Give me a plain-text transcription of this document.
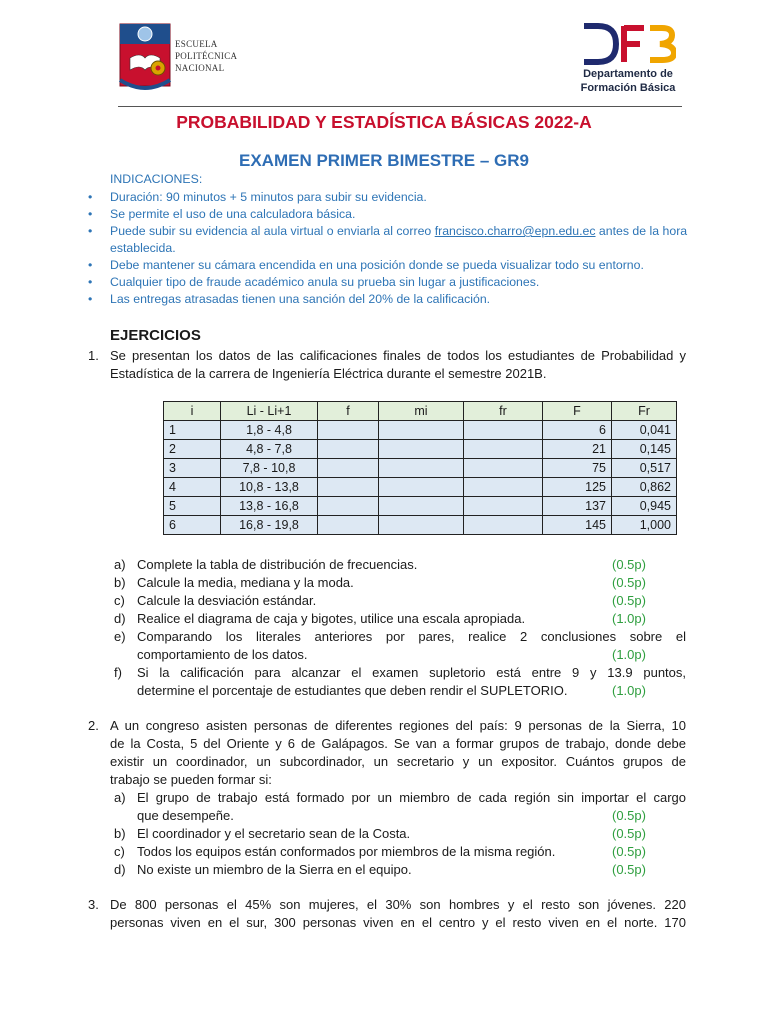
ESCUELA
POLITÉCNICA
NACIONAL	Departamento de
Formación Básica
PROBABILIDAD Y ESTADÍSTICA BÁSICAS 2022-A
EXAMEN PRIMER BIMESTRE – GR9
INDICACIONES:
• Duración: 90 minutos + 5 minutos para subir su evidencia.
• Se permite el uso de una calculadora básica.
• Puede subir su evidencia al aula virtual o enviarla al correo francisco.charro@epn.edu.ec antes de la hora establecida.
• Debe mantener su cámara encendida en una posición donde se pueda visualizar todo su entorno.
• Cualquier tipo de fraude académico anula su prueba sin lugar a justificaciones.
• Las entregas atrasadas tienen una sanción del 20% de la calificación.
EJERCICIOS
1. Se presentan los datos de las calificaciones finales de todos los estudiantes de Probabilidad y Estadística de la carrera de Ingeniería Eléctrica durante el semestre 2021B.
i	Li - Li+1	f	mi	fr	F	Fr
1	1,8 - 4,8				6	0,041
2	4,8 - 7,8				21	0,145
3	7,8 - 10,8				75	0,517
4	10,8 - 13,8				125	0,862
5	13,8 - 16,8				137	0,945
6	16,8 - 19,8				145	1,000
a) Complete la tabla de distribución de frecuencias.	(0.5p)
b) Calcule la media, mediana y la moda.	(0.5p)
c) Calcule la desviación estándar.	(0.5p)
d) Realice el diagrama de caja y bigotes, utilice una escala apropiada.	(1.0p)
e) Comparando los literales anteriores por pares, realice 2 conclusiones sobre el
comportamiento de los datos.	(1.0p)
f) Si la calificación para alcanzar el examen supletorio está entre 9 y 13.9 puntos,
determine el porcentaje de estudiantes que deben rendir el SUPLETORIO.	(1.0p)
2. A un congreso asisten personas de diferentes regiones del país: 9 personas de la Sierra, 10
de la Costa, 5 del Oriente y 6 de Galápagos. Se van a formar grupos de trabajo, donde debe
existir un coordinador, un subcordinador, un secretario y un expositor. Cuántos grupos de
trabajo se pueden formar si:
a) El grupo de trabajo está formado por un miembro de cada región sin importar el cargo
que desempeñe.	(0.5p)
b) El coordinador y el secretario sean de la Costa.	(0.5p)
c) Todos los equipos están conformados por miembros de la misma región.	(0.5p)
d) No existe un miembro de la Sierra en el equipo.	(0.5p)
3. De 800 personas el 45% son mujeres, el 30% son hombres y el resto son jóvenes. 220
personas viven en el sur, 300 personas viven en el centro y el resto viven en el norte. 170
